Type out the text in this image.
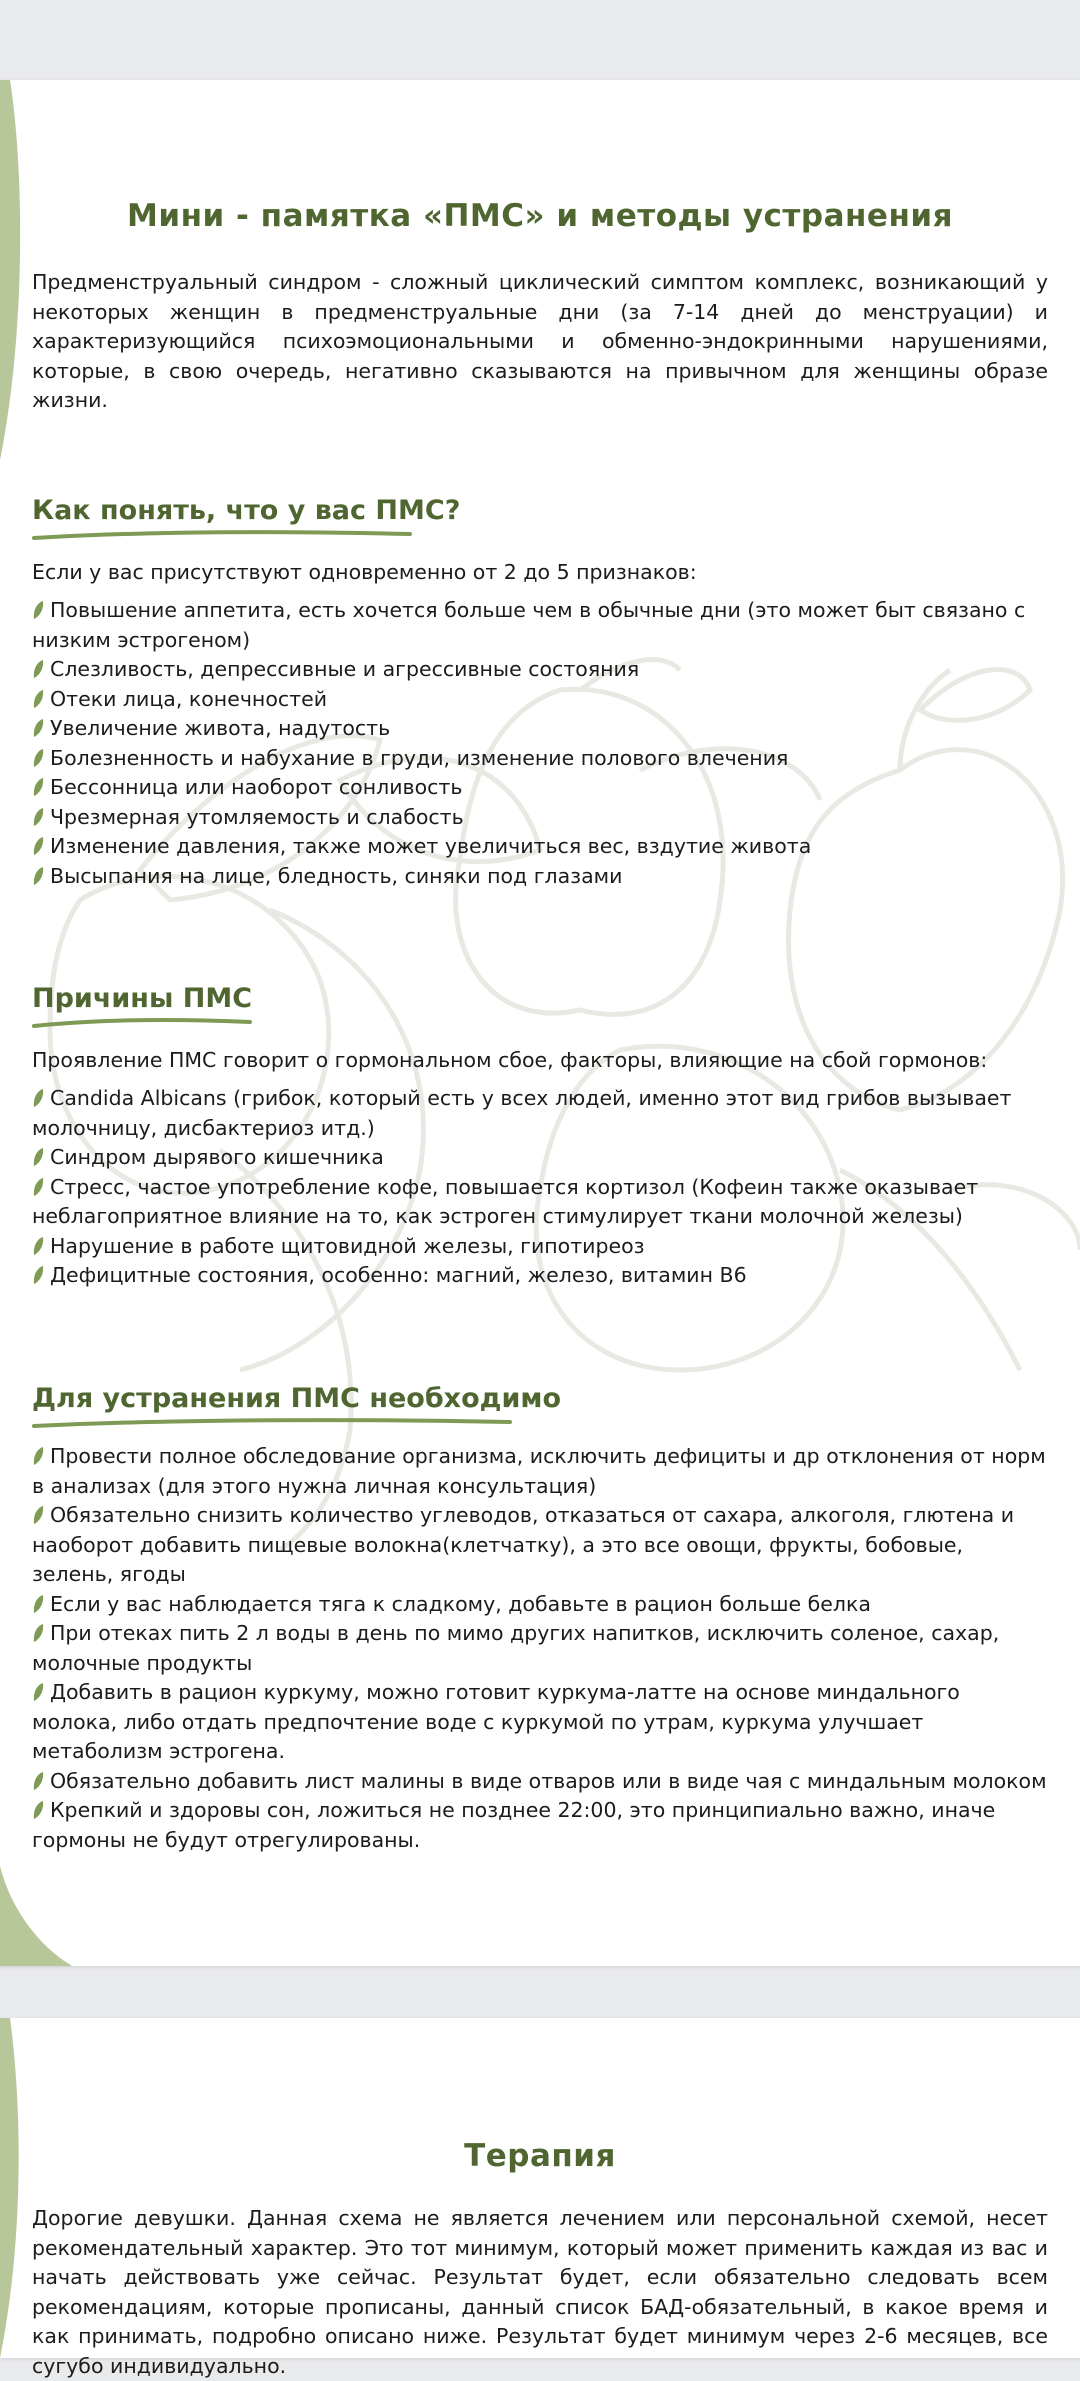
Мини - памятка «ПМС» и методы устранения
Предменструальный синдром - сложный циклический симптом комплекс, возникающий у некоторых женщин в предменструальные дни (за 7-14 дней до менструации) и характеризующийся психоэмоциональными и обменно-эндокринными нарушениями, которые, в свою очередь, негативно сказываются на привычном для женщины образе жизни.
Как понять, что у вас ПМС?
Если у вас присутствуют одновременно от 2 до 5 признаков:
Повышение аппетита, есть хочется больше чем в обычные дни (это может быт связано с низким эстрогеном)
Слезливость, депрессивные и агрессивные состояния
Отеки лица, конечностей
Увеличение живота, надутость
Болезненность и набухание в груди, изменение полового влечения
Бессонница или наоборот сонливость
Чрезмерная утомляемость и слабость
Изменение давления, также может увеличиться вес, вздутие живота
Высыпания на лице, бледность, синяки под глазами
Причины ПМС
Проявление ПМС говорит о гормональном сбое, факторы, влияющие на сбой гормонов:
Candida Albicans (грибок, который есть у всех людей, именно этот вид грибов вызывает молочницу, дисбактериоз итд.)
Синдром дырявого кишечника
Стресс, частое употребление кофе, повышается кортизол (Кофеин также оказывает неблагоприятное влияние на то, как эстроген стимулирует ткани молочной железы)
Нарушение в работе щитовидной железы, гипотиреоз
Дефицитные состояния, особенно: магний, железо, витамин В6
Для устранения ПМС необходимо
Провести полное обследование организма, исключить дефициты и др отклонения от норм в анализах (для этого нужна личная консультация)
Обязательно снизить количество углеводов, отказаться от сахара, алкоголя, глютена и наоборот добавить пищевые волокна(клетчатку), а это все овощи, фрукты, бобовые, зелень, ягоды
Если у вас наблюдается тяга к сладкому, добавьте в рацион больше белка
При отеках пить 2 л воды в день по мимо других напитков, исключить соленое, сахар, молочные продукты
Добавить в рацион куркуму, можно готовит куркума-латте на основе миндального молока, либо отдать предпочтение воде с куркумой по утрам, куркума улучшает метаболизм эстрогена.
Обязательно добавить лист малины в виде отваров или в виде чая с миндальным молоком
Крепкий и здоровы сон, ложиться не позднее 22:00, это принципиально важно, иначе гормоны не будут отрегулированы.
Терапия
Дорогие девушки. Данная схема не является лечением или персональной схемой, несет рекомендательный характер. Это тот минимум, который может применить каждая из вас и начать действовать уже сейчас. Результат будет, если обязательно следовать всем рекомендациям, которые прописаны, данный список БАД-обязательный, в какое время и как принимать, подробно описано ниже. Результат будет минимум через 2-6 месяцев, все сугубо индивидуально.
